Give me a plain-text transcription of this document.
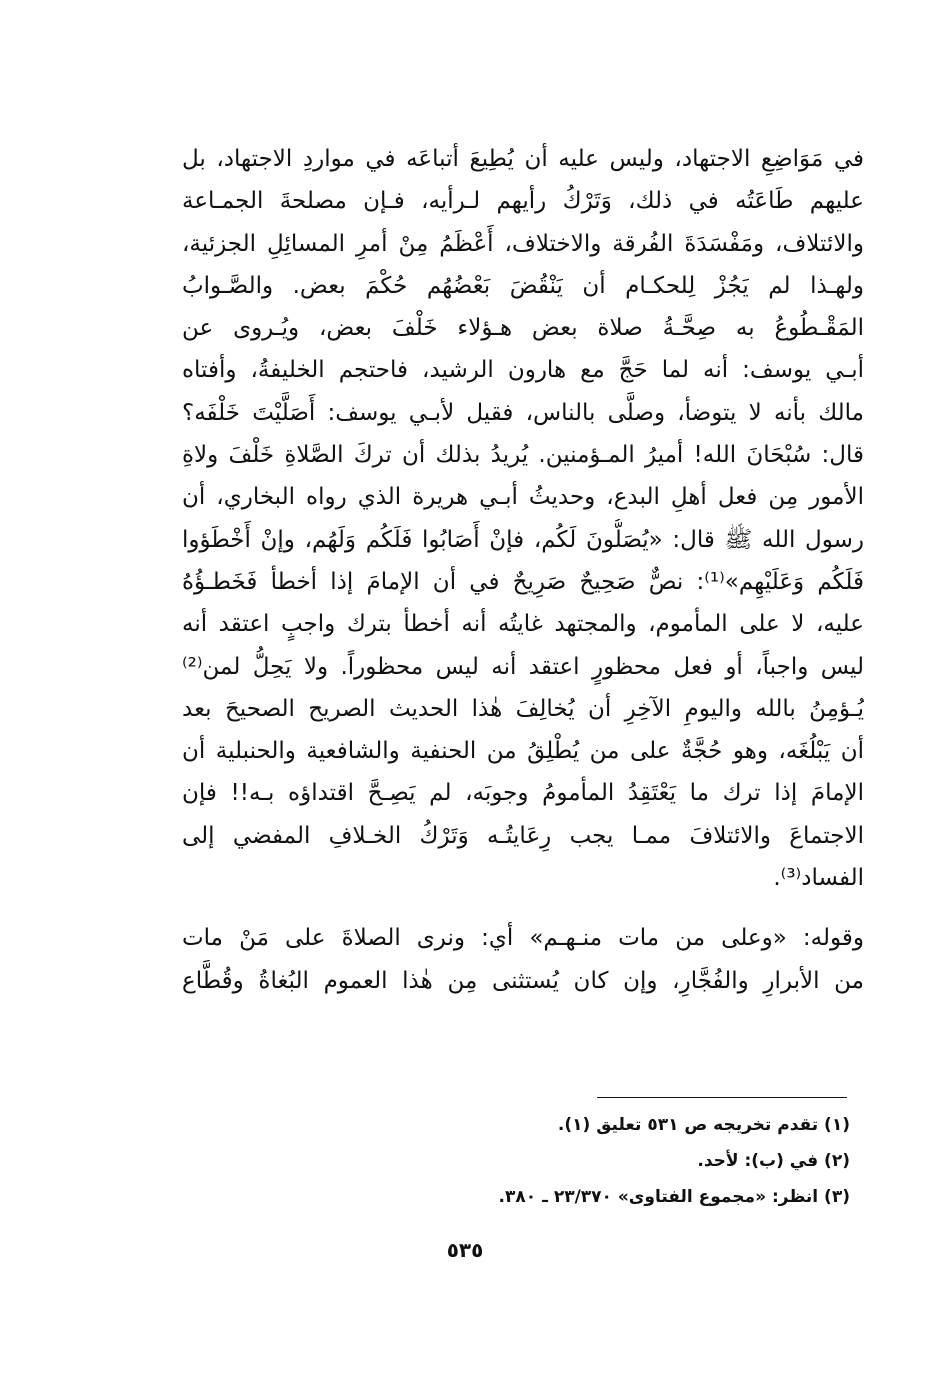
في مَوَاضِعِ الاجتهاد، وليس عليه أن يُطِيعَ أتباعَه في مواردِ الاجتهاد، بل
عليهم طَاعَتُه في ذلك، وَتَرْكُ رأيهم لـرأيه، فـإن مصلحةَ الجمـاعة
والائتلاف، ومَفْسَدَةَ الفُرقة والاختلاف، أَعْظَمُ مِنْ أمرِ المسائِلِ الجزئية،
ولهـذا لم يَجُزْ لِلحكـام أن يَنْقُضَ بَعْضُهُم حُكْمَ بعض. والصَّـوابُ
المَقْـطُوعُ به صِحَّـةُ صلاة بعض هـؤلاء خَلْفَ بعض، ويُـروى عن
أبـي يوسف: أنه لما حَجَّ مع هارون الرشيد، فاحتجم الخليفةُ، وأفتاه
مالك بأنه لا يتوضأ، وصلَّى بالناس، فقيل لأبـي يوسف: أَصَلَّيْتَ خَلْفَه؟
قال: سُبْحَانَ الله! أميرُ المـؤمنين. يُريدُ بذلك أن تركَ الصَّلاةِ خَلْفَ ولاةِ
الأمور مِن فعل أهلِ البدع، وحديثُ أبـي هريرة الذي رواه البخاري، أن
رسول الله ﷺ قال: «يُصَلُّونَ لَكُم، فإنْ أَصَابُوا فَلَكُم وَلَهُم، وإنْ أَخْطَؤوا
فَلَكُم وَعَلَيْهِم»⁽¹⁾: نصٌّ صَحِيحٌ صَرِيحٌ في أن الإمامَ إذا أخطأ فَخَطـؤُهُ
عليه، لا على المأموم، والمجتهد غايتُه أنه أخطأ بترك واجبٍ اعتقد أنه
ليس واجباً، أو فعل محظورٍ اعتقد أنه ليس محظوراً. ولا يَحِلُّ لمن⁽²⁾
يُـؤمِنُ بالله واليومِ الآخِرِ أن يُخالِفَ هٰذا الحديث الصريح الصحيحَ بعد
أن يَبْلُغَه، وهو حُجَّةٌ على من يُطْلِقُ من الحنفية والشافعية والحنبلية أن
الإمامَ إذا ترك ما يَعْتَقِدُ المأمومُ وجوبَه، لم يَصِـحَّ اقتداؤه بـه!! فإن
الاجتماعَ والائتلافَ ممـا يجب رِعَايتُـه وَتَرْكُ الخـلافِ المفضي إلى
الفساد⁽³⁾.
وقوله: «وعلى من مات منـهـم» أي: ونرى الصلاةَ على مَنْ مات
من الأبرارِ والفُجَّارِ، وإن كان يُستثنى مِن هٰذا العموم البُغاةُ وقُطَّاع
(١) تقدم تخريجه ص ٥٣١ تعليق (١).
(٢) في (ب): لأحد.
(٣) انظر: «مجموع الفتاوى» ٢٣/٣٧٠ ـ ٣٨٠.
٥٣٥
